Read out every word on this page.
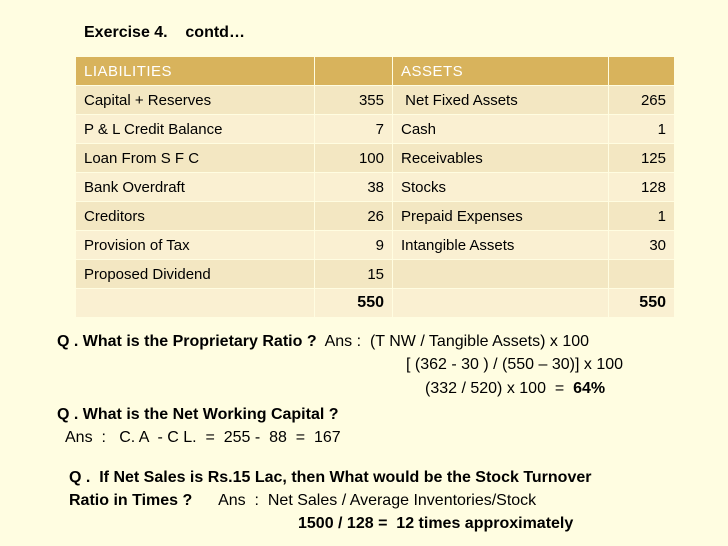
Exercise 4.    contd…
LIABILITIES		ASSETS	
Capital + Reserves	355	Net Fixed Assets	265
P & L Credit Balance	7	Cash	1
Loan From S F C	100	Receivables	125
Bank Overdraft	38	Stocks	128
Creditors	26	Prepaid Expenses	1
Provision of Tax	9	Intangible Assets	30
Proposed Dividend	15		
	550		550
Q . What is the Proprietary Ratio ? Ans :  (T NW / Tangible Assets) x 100
[ (362 - 30 ) / (550 – 30)] x 100
(332 / 520) x 100  = 64%
Q . What is the Net Working Capital ?
Ans  :   C. A  - C L.  =  255 -  88  =  167
Q .  If Net Sales is Rs.15 Lac, then What would be the Stock Turnover
Ratio in Times ? Ans  :  Net Sales / Average Inventories/Stock
1500 / 128 =  12 times approximately
